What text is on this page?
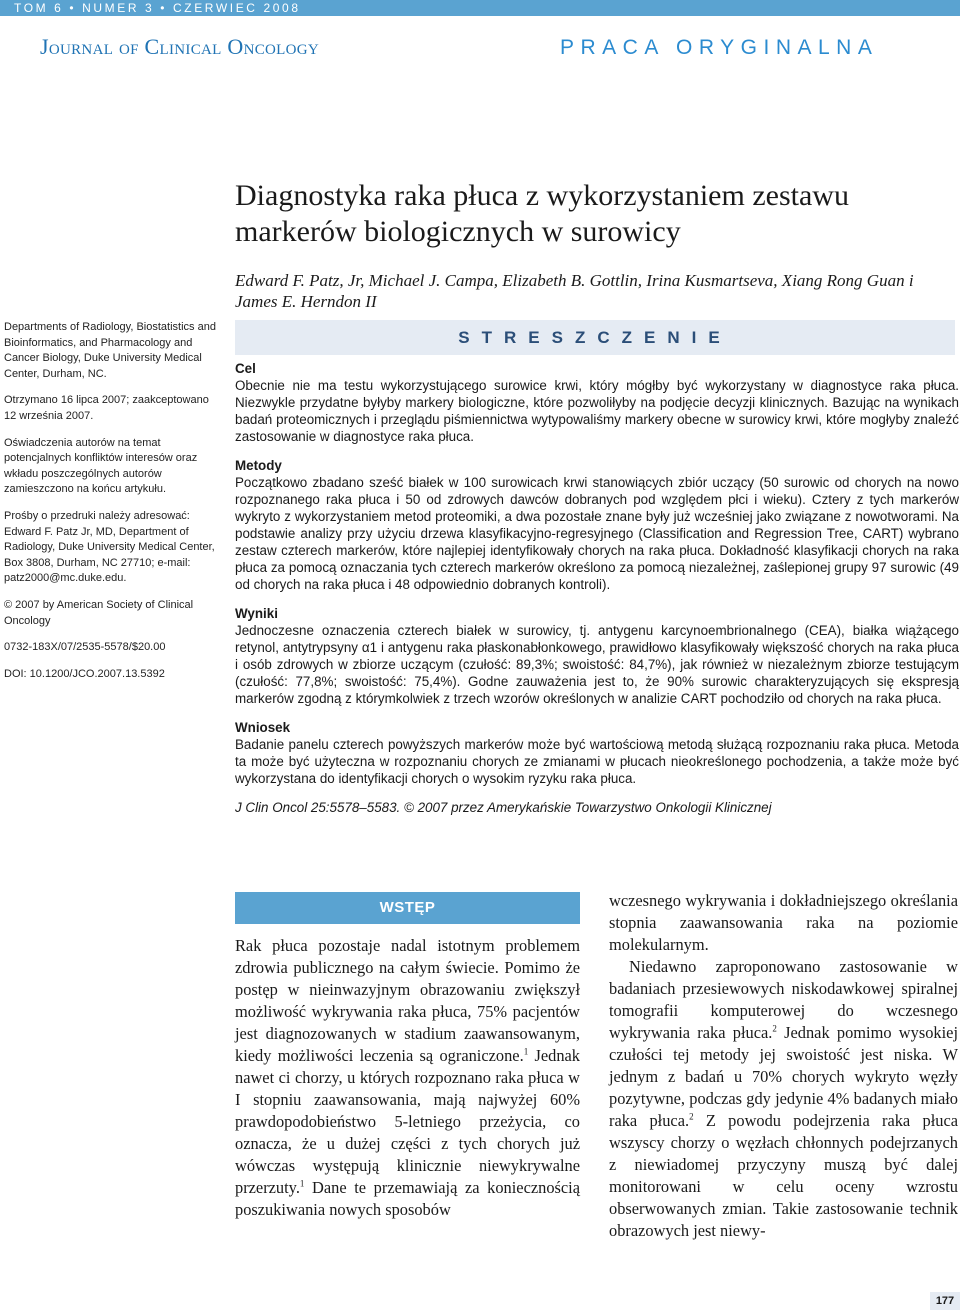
TOM 6 • NUMER 3 • CZERWIEC 2008
Journal of Clinical Oncology	PRACA ORYGINALNA
Diagnostyka raka płuca z wykorzystaniem zestawu markerów biologicznych w surowicy
Edward F. Patz, Jr, Michael J. Campa, Elizabeth B. Gottlin, Irina Kusmartseva, Xiang Rong Guan i James E. Herndon II

Departments of Radiology, Biostatistics and Bioinformatics, and Pharmacology and Cancer Biology, Duke University Medical Center, Durham, NC.

Otrzymano 16 lipca 2007; zaakceptowano 12 września 2007.

Oświadczenia autorów na temat potencjalnych konfliktów interesów oraz wkładu poszczególnych autorów zamieszczono na końcu artykułu.

Prośby o przedruki należy adresować: Edward F. Patz Jr, MD, Department of Radiology, Duke University Medical Center, Box 3808, Durham, NC 27710; e-mail: patz2000@mc.duke.edu.

© 2007 by American Society of Clinical Oncology

0732-183X/07/2535-5578/$20.00

DOI: 10.1200/JCO.2007.13.5392

STRESZCZENIE
Cel

Obecnie nie ma testu wykorzystującego surowice krwi, który mógłby być wykorzystany w diagnostyce raka płuca. Niezwykle przydatne byłyby markery biologiczne, które pozwoliłyby na podjęcie decyzji klinicznych. Bazując na wynikach badań proteomicznych i przeglądu piśmiennictwa wytypowaliśmy markery obecne w surowicy krwi, które mogłyby znaleźć zastosowanie w diagnostyce raka płuca.

Metody

Początkowo zbadano sześć białek w 100 surowicach krwi stanowiących zbiór uczący (50 surowic od chorych na nowo rozpoznanego raka płuca i 50 od zdrowych dawców dobranych pod względem płci i wieku). Cztery z tych markerów wykryto z wykorzystaniem metod proteomiki, a dwa pozostałe znane były już wcześniej jako związane z nowotworami. Na podstawie analizy przy użyciu drzewa klasyfikacyjno-regresyjnego (Classification and Regression Tree, CART) wybrano zestaw czterech markerów, które najlepiej identyfikowały chorych na raka płuca. Dokładność klasyfikacji chorych na raka płuca za pomocą oznaczania tych czterech markerów określono za pomocą niezależnej, zaślepionej grupy 97 surowic (49 od chorych na raka płuca i 48 odpowiednio dobranych kontroli).

Wyniki

Jednoczesne oznaczenia czterech białek w surowicy, tj. antygenu karcynoembrionalnego (CEA), białka wiążącego retynol, antytrypsyny α1 i antygenu raka płaskonabłonkowego, prawidłowo klasyfikowały większość chorych na raka płuca i osób zdrowych w zbiorze uczącym (czułość: 89,3%; swoistość: 84,7%), jak również w niezależnym zbiorze testującym (czułość: 77,8%; swoistość: 75,4%). Godne zauważenia jest to, że 90% surowic charakteryzujących się ekspresją markerów zgodną z którymkolwiek z trzech wzorów określonych w analizie CART pochodziło od chorych na raka płuca.

Wniosek

Badanie panelu czterech powyższych markerów może być wartościową metodą służącą rozpoznaniu raka płuca. Metoda ta może być użyteczna w rozpoznaniu chorych ze zmianami w płucach nieokreślonego pochodzenia, a także może być wykorzystana do identyfikacji chorych o wysokim ryzyku raka płuca.

J Clin Oncol 25:5578–5583. © 2007 przez Amerykańskie Towarzystwo Onkologii Klinicznej
WSTĘP

Rak płuca pozostaje nadal istotnym problemem zdrowia publicznego na całym świecie. Pomimo że postęp w nieinwazyjnym obrazowaniu zwiększył możliwość wykrywania raka płuca, 75% pacjentów jest diagnozowanych w stadium zaawansowanym, kiedy możliwości leczenia są ograniczone.$^1$ Jednak nawet ci chorzy, u których rozpoznano raka płuca w I stopniu zaawansowania, mają najwyżej 60% prawdopodobieństwo 5-letniego przeżycia, co oznacza, że u dużej części z tych chorych już wówczas występują klinicznie niewykrywalne przerzuty.$^1$ Dane te przemawiają za koniecznością poszukiwania nowych sposobów

wczesnego wykrywania i dokładniejszego określania stopnia zaawansowania raka na poziomie molekularnym.

Niedawno zaproponowano zastosowanie w badaniach przesiewowych niskodawkowej spiralnej tomografii komputerowej do wczesnego wykrywania raka płuca.$^2$ Jednak pomimo wysokiej czułości tej metody jej swoistość jest niska. W jednym z badań u 70% chorych wykryto węzły pozytywne, podczas gdy jedynie 4% badanych miało raka płuca.$^2$ Z powodu podejrzenia raka płuca wszyscy chorzy o węzłach chłonnych podejrzanych z niewiadomej przyczyny muszą być dalej monitorowani w celu oceny wzrostu obserwowanych zmian. Takie zastosowanie technik obrazowych jest niewy-

177
